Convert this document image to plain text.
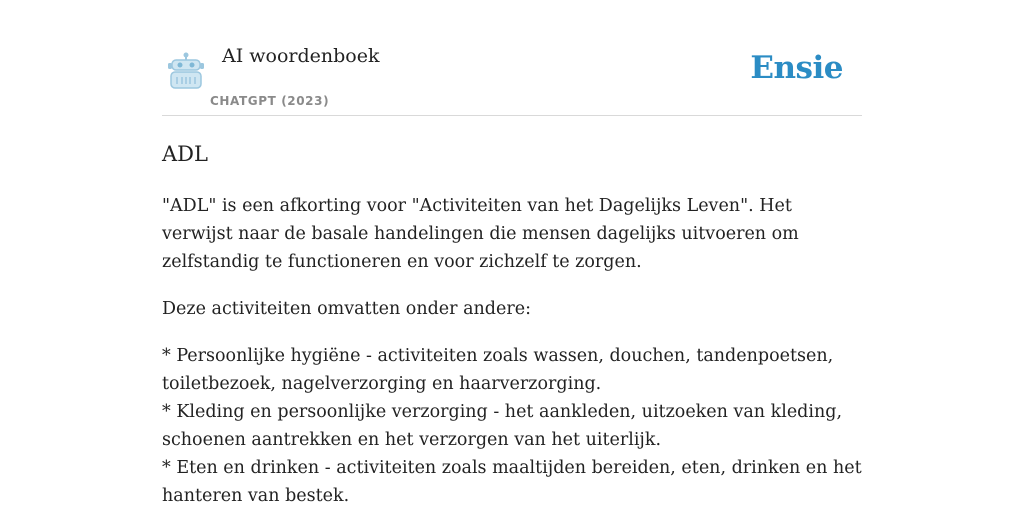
AI woordenboek
CHATGPT (2023)
Ensie
ADL

"ADL" is een afkorting voor "Activiteiten van het Dagelijks Leven". Het verwijst naar de basale handelingen die mensen dagelijks uitvoeren om zelfstandig te functioneren en voor zichzelf te zorgen.

Deze activiteiten omvatten onder andere:

* Persoonlijke hygiëne - activiteiten zoals wassen, douchen, tandenpoetsen, toiletbezoek, nagelverzorging en haarverzorging.
* Kleding en persoonlijke verzorging - het aankleden, uitzoeken van kleding, schoenen aantrekken en het verzorgen van het uiterlijk.
* Eten en drinken - activiteiten zoals maaltijden bereiden, eten, drinken en het hanteren van bestek.
